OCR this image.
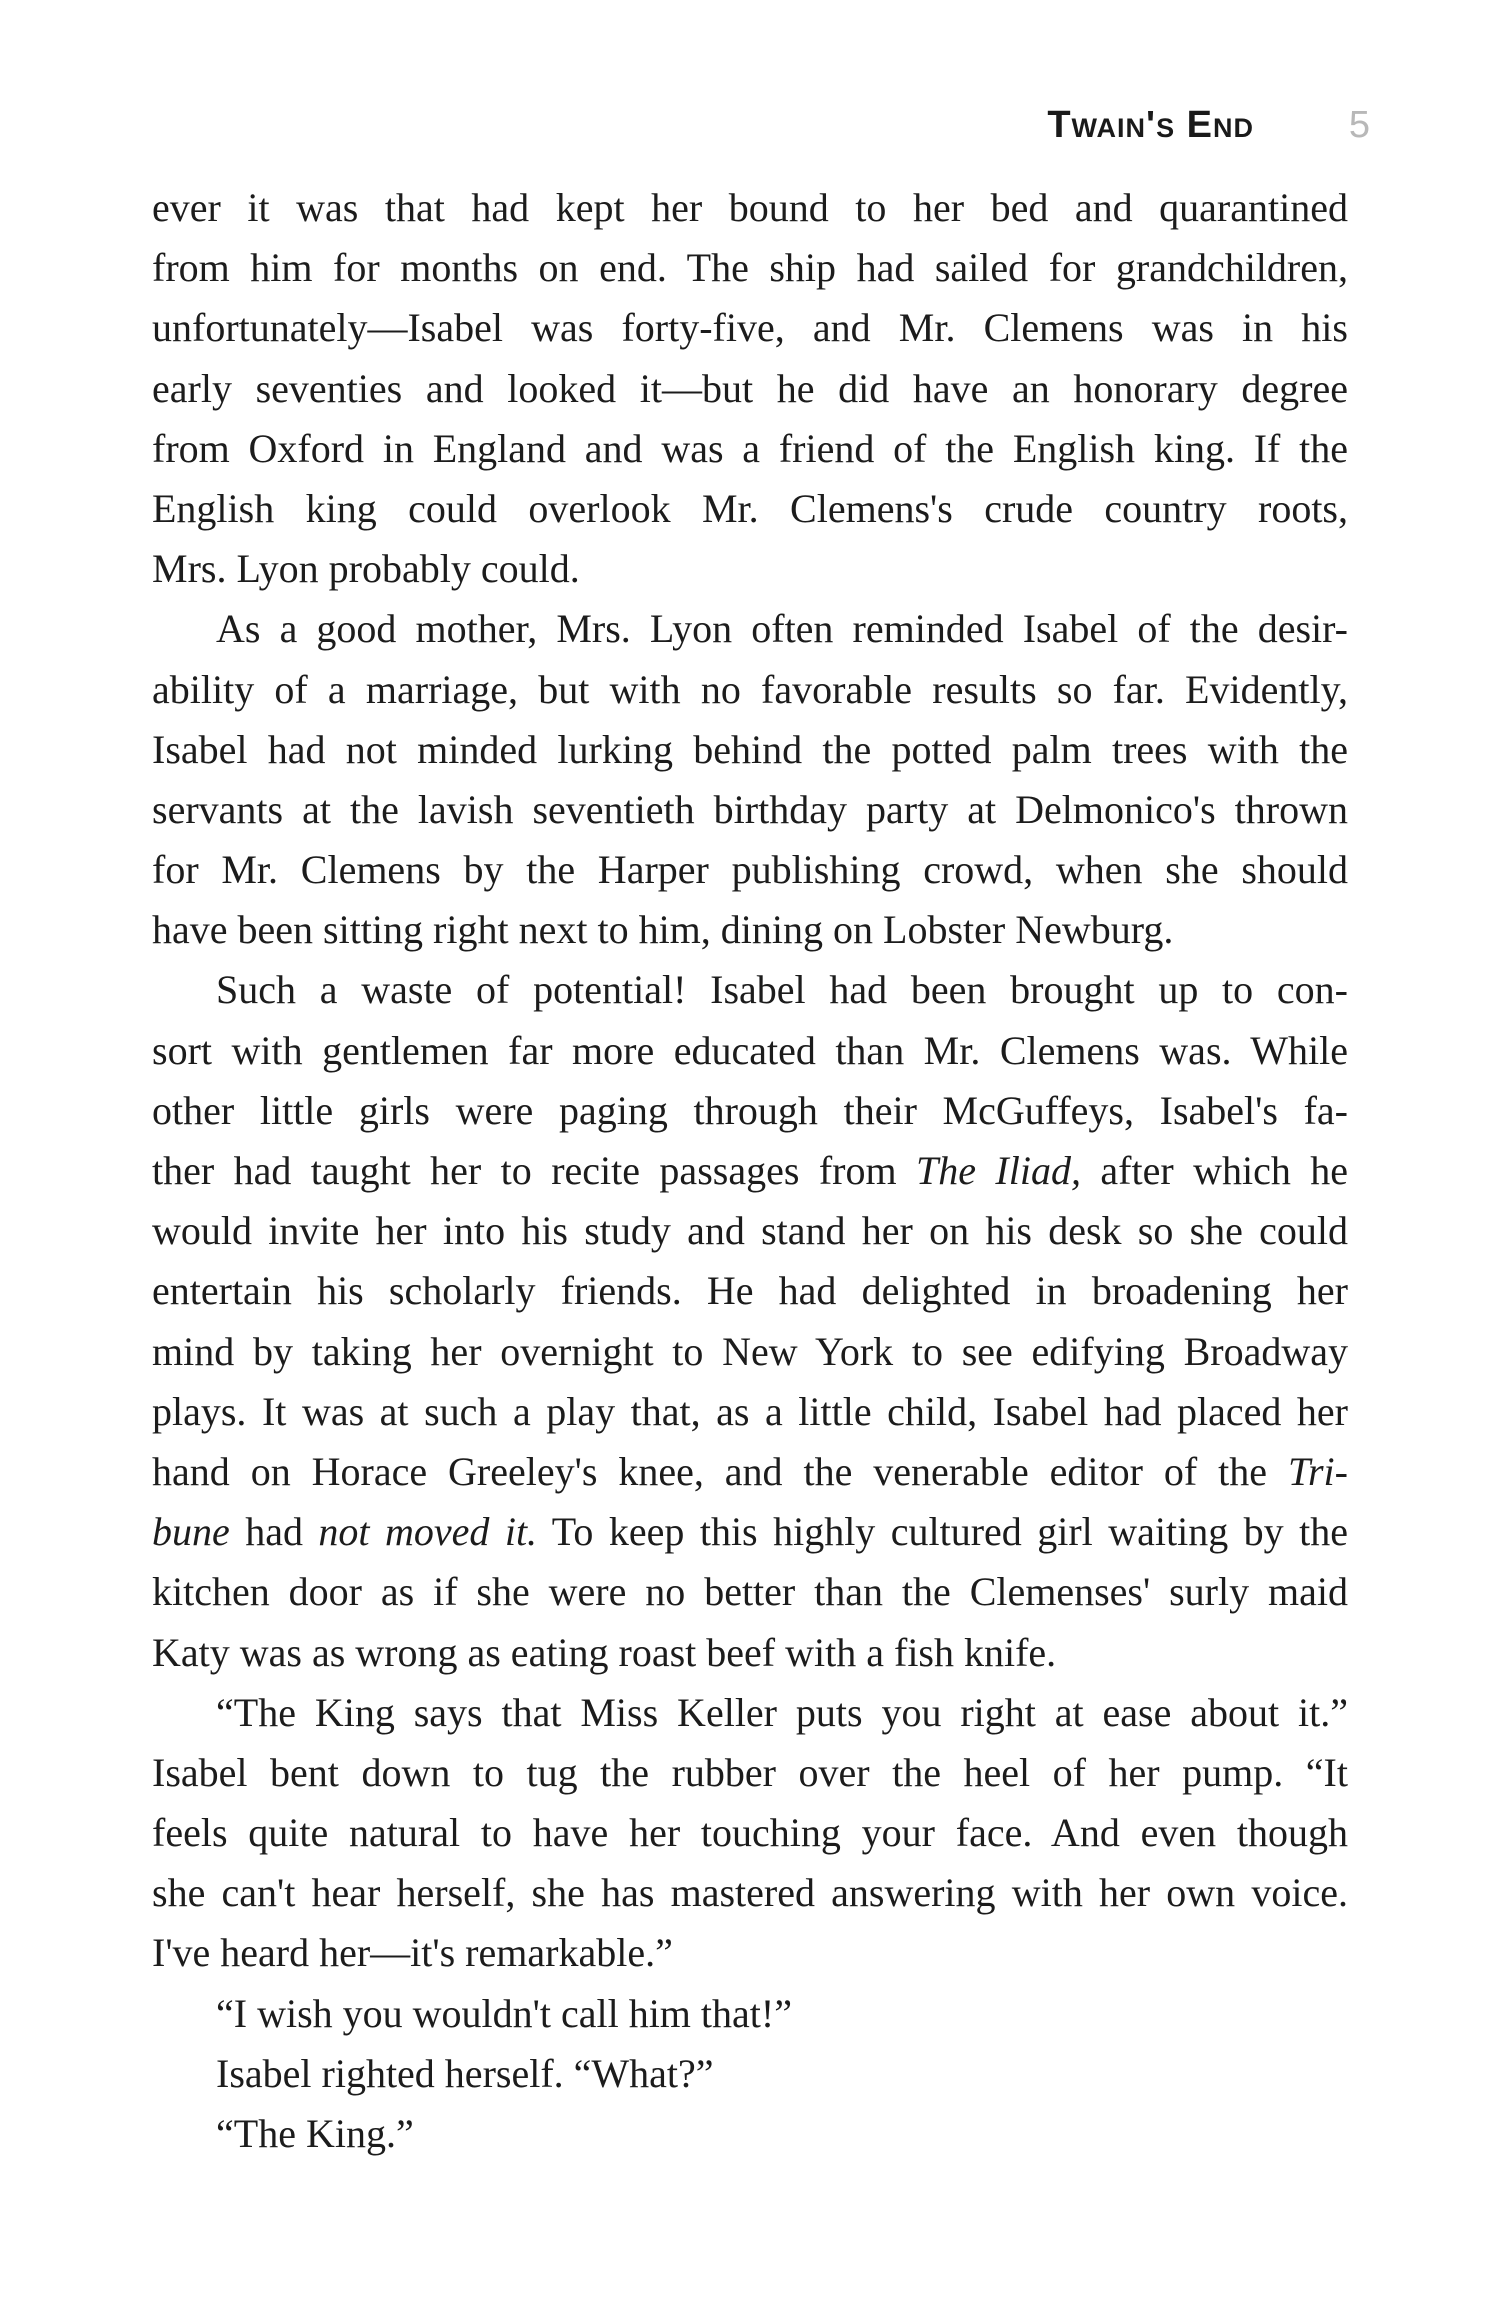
Twain's End 5
ever it was that had kept her bound to her bed and quarantined
from him for months on end. The ship had sailed for grandchildren,
unfortunately—Isabel was forty-five, and Mr. Clemens was in his
early seventies and looked it—but he did have an honorary degree
from Oxford in England and was a friend of the English king. If the
English king could overlook Mr. Clemens's crude country roots,
Mrs. Lyon probably could.
As a good mother, Mrs. Lyon often reminded Isabel of the desir-
ability of a marriage, but with no favorable results so far. Evidently,
Isabel had not minded lurking behind the potted palm trees with the
servants at the lavish seventieth birthday party at Delmonico's thrown
for Mr. Clemens by the Harper publishing crowd, when she should
have been sitting right next to him, dining on Lobster Newburg.
Such a waste of potential! Isabel had been brought up to con-
sort with gentlemen far more educated than Mr. Clemens was. While
other little girls were paging through their McGuffeys, Isabel's fa-
ther had taught her to recite passages from The Iliad, after which he
would invite her into his study and stand her on his desk so she could
entertain his scholarly friends. He had delighted in broadening her
mind by taking her overnight to New York to see edifying Broadway
plays. It was at such a play that, as a little child, Isabel had placed her
hand on Horace Greeley's knee, and the venerable editor of the Tri-
bune had not moved it. To keep this highly cultured girl waiting by the
kitchen door as if she were no better than the Clemenses' surly maid
Katy was as wrong as eating roast beef with a fish knife.
“The King says that Miss Keller puts you right at ease about it.”
Isabel bent down to tug the rubber over the heel of her pump. “It
feels quite natural to have her touching your face. And even though
she can't hear herself, she has mastered answering with her own voice.
I've heard her—it's remarkable.”
“I wish you wouldn't call him that!”
Isabel righted herself. “What?”
“The King.”
